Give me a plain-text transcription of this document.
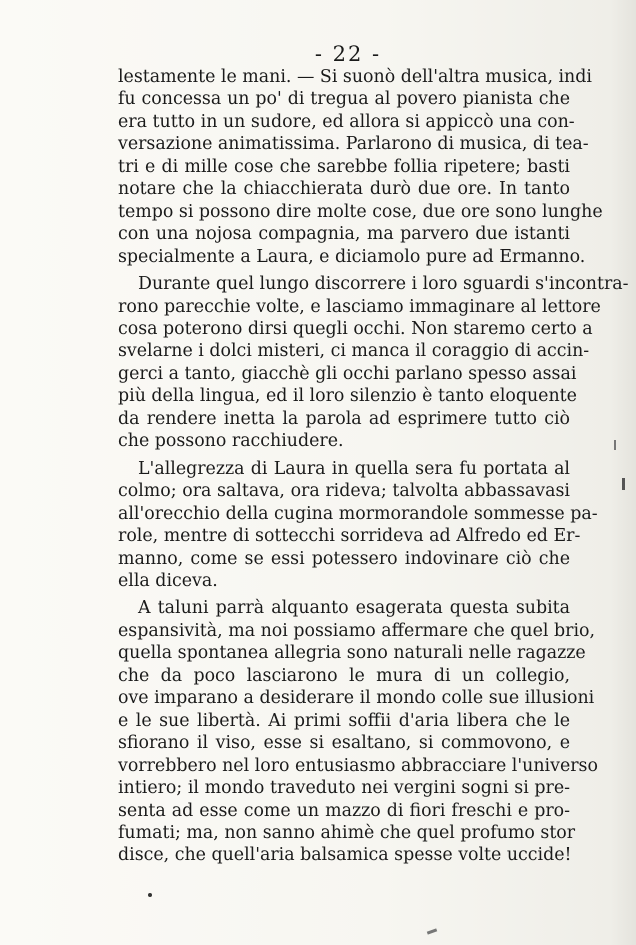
- 22 -

lestamente le mani. — Si suonò dell'altra musica, indi
fu concessa un po' di tregua al povero pianista che
era tutto in un sudore, ed allora si appiccò una con-
versazione animatissima. Parlarono di musica, di tea-
tri e di mille cose che sarebbe follia ripetere; basti
notare che la chiacchierata durò due ore. In tanto
tempo si possono dire molte cose, due ore sono lunghe
con una nojosa compagnia, ma parvero due istanti
specialmente a Laura, e diciamolo pure ad Ermanno.

Durante quel lungo discorrere i loro sguardi s'incontra-
rono parecchie volte, e lasciamo immaginare al lettore
cosa poterono dirsi quegli occhi. Non staremo certo a
svelarne i dolci misteri, ci manca il coraggio di accin-
gerci a tanto, giacchè gli occhi parlano spesso assai
più della lingua, ed il loro silenzio è tanto eloquente
da rendere inetta la parola ad esprimere tutto ciò
che possono racchiudere.

L'allegrezza di Laura in quella sera fu portata al
colmo; ora saltava, ora rideva; talvolta abbassavasi
all'orecchio della cugina mormorandole sommesse pa-
role, mentre di sottecchi sorrideva ad Alfredo ed Er-
manno, come se essi potessero indovinare ciò che
ella diceva.

A taluni parrà alquanto esagerata questa subita
espansività, ma noi possiamo affermare che quel brio,
quella spontanea allegria sono naturali nelle ragazze
che da poco lasciarono le mura di un collegio,
ove imparano a desiderare il mondo colle sue illusioni
e le sue libertà. Ai primi soffii d'aria libera che le
sfiorano il viso, esse si esaltano, si commovono, e
vorrebbero nel loro entusiasmo abbracciare l'universo
intiero; il mondo traveduto nei vergini sogni si pre-
senta ad esse come un mazzo di fiori freschi e pro-
fumati; ma, non sanno ahimè che quel profumo stor
disce, che quell'aria balsamica spesse volte uccide!
